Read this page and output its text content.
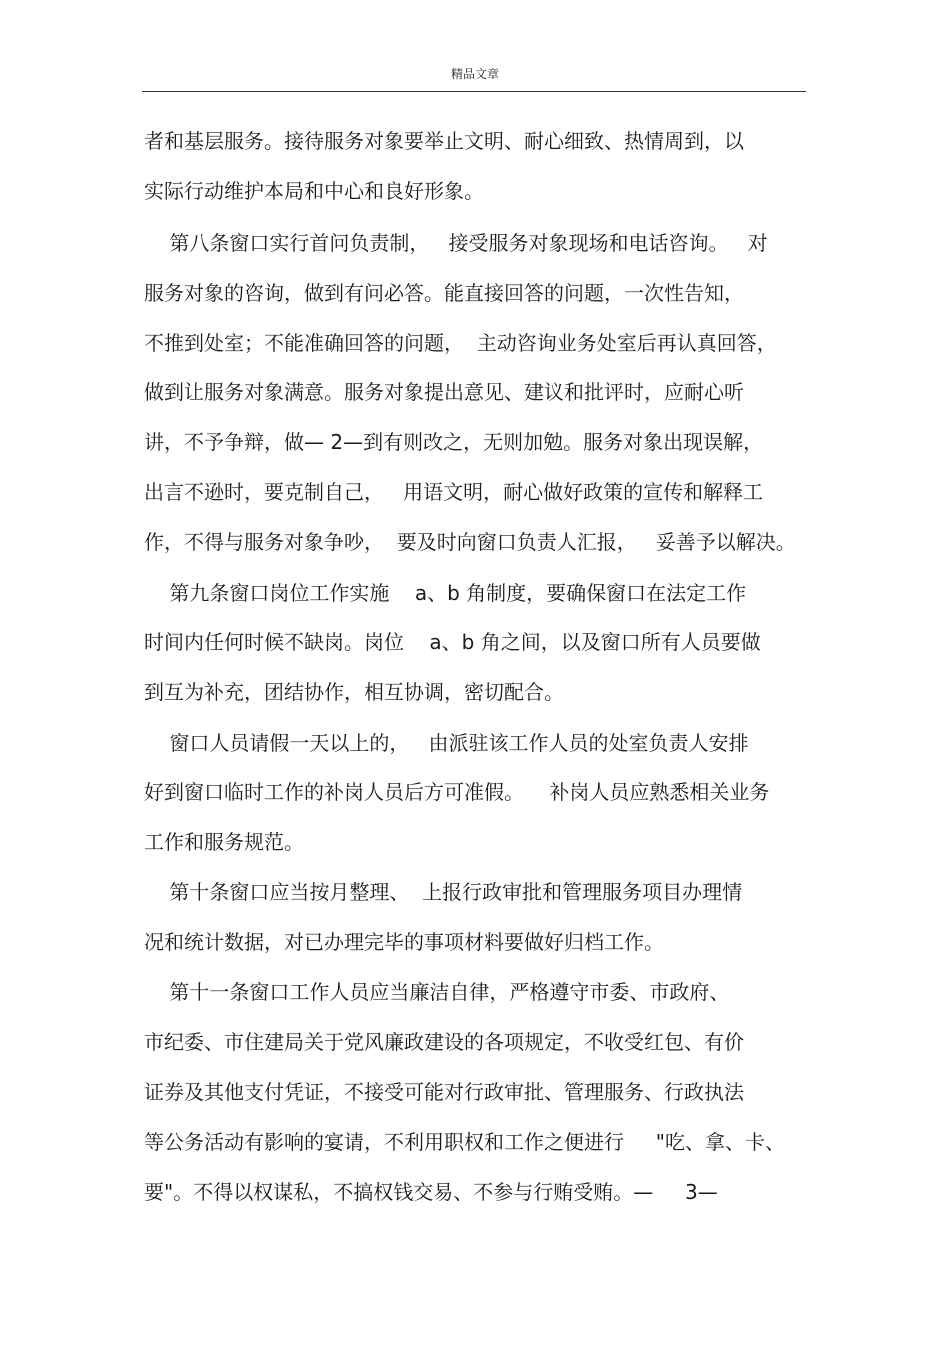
精品文章
者和基层服务。接待服务对象要举止文明、耐心细致、热情周到，以
实际行动维护本局和中心和良好形象。
第八条窗口实行首问负责制，   接受服务对象现场和电话咨询。   对
服务对象的咨询，做到有问必答。能直接回答的问题，一次性告知，
不推到处室；不能准确回答的问题，  主动咨询业务处室后再认真回答，
做到让服务对象满意。服务对象提出意见、建议和批评时，应耐心听
讲，不予争辩，做— 2—到有则改之，无则加勉。服务对象出现误解，
出言不逊时，要克制自己，   用语文明，耐心做好政策的宣传和解释工
作，不得与服务对象争吵，  要及时向窗口负责人汇报，   妥善予以解决。
第九条窗口岗位工作实施    a、b 角制度，要确保窗口在法定工作
时间内任何时候不缺岗。岗位    a、b 角之间，以及窗口所有人员要做
到互为补充，团结协作，相互协调，密切配合。
窗口人员请假一天以上的，   由派驻该工作人员的处室负责人安排
好到窗口临时工作的补岗人员后方可准假。    补岗人员应熟悉相关业务
工作和服务规范。
第十条窗口应当按月整理、  上报行政审批和管理服务项目办理情
况和统计数据，对已办理完毕的事项材料要做好归档工作。
第十一条窗口工作人员应当廉洁自律，严格遵守市委、市政府、
市纪委、市住建局关于党风廉政建设的各项规定，不收受红包、有价
证券及其他支付凭证，不接受可能对行政审批、管理服务、行政执法
等公务活动有影响的宴请，不利用职权和工作之便进行     "吃、拿、卡、
要"。不得以权谋私，不搞权钱交易、不参与行贿受贿。—     3—
